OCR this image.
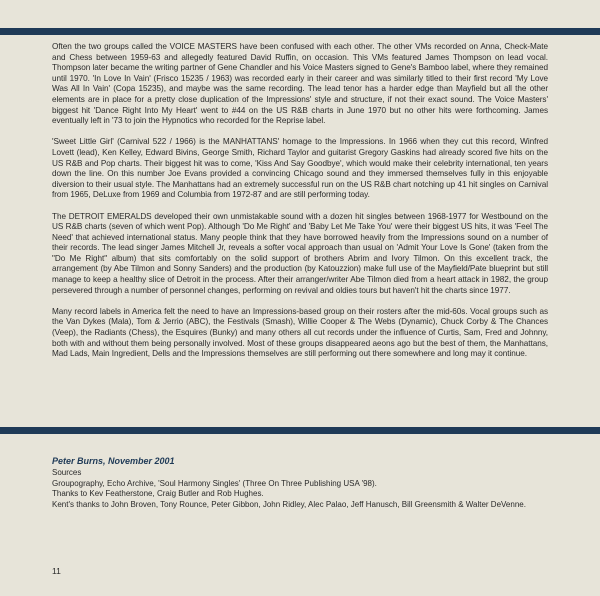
Often the two groups called the VOICE MASTERS have been confused with each other. The other VMs recorded on Anna, Check-Mate and Chess between 1959-63 and allegedly featured David Ruffin, on occasion. This VMs featured James Thompson on lead vocal. Thompson later became the writing partner of Gene Chandler and his Voice Masters signed to Gene's Bamboo label, where they remained until 1970. 'In Love In Vain' (Frisco 15235 / 1963) was recorded early in their career and was similarly titled to their first record 'My Love Was All In Vain' (Copa 15235), and maybe was the same recording. The lead tenor has a harder edge than Mayfield but all the other elements are in place for a pretty close duplication of the Impressions' style and structure, if not their exact sound. The Voice Masters' biggest hit 'Dance Right Into My Heart' went to #44 on the US R&B charts in June 1970 but no other hits were forthcoming. James eventually left in '73 to join the Hypnotics who recorded for the Reprise label.

'Sweet Little Girl' (Carnival 522 / 1966) is the MANHATTANS' homage to the Impressions. In 1966 when they cut this record, Winfred Lovett (lead), Ken Kelley, Edward Bivins, George Smith, Richard Taylor and guitarist Gregory Gaskins had already scored five hits on the US R&B and Pop charts. Their biggest hit was to come, 'Kiss And Say Goodbye', which would make their celebrity international, ten years down the line. On this number Joe Evans provided a convincing Chicago sound and they immersed themselves fully in this enjoyable diversion to their usual style. The Manhattans had an extremely successful run on the US R&B chart notching up 41 hit singles on Carnival from 1965, DeLuxe from 1969 and Columbia from 1972-87 and are still performing today.

The DETROIT EMERALDS developed their own unmistakable sound with a dozen hit singles between 1968-1977 for Westbound on the US R&B charts (seven of which went Pop). Although 'Do Me Right' and 'Baby Let Me Take You' were their biggest US hits, it was 'Feel The Need' that achieved international status. Many people think that they have borrowed heavily from the Impressions sound on a number of their records. The lead singer James Mitchell Jr, reveals a softer vocal approach than usual on 'Admit Your Love Is Gone' (taken from the "Do Me Right" album) that sits comfortably on the solid support of brothers Abrim and Ivory Tilmon. On this excellent track, the arrangement (by Abe Tilmon and Sonny Sanders) and the production (by Katouzzion) make full use of the Mayfield/Pate blueprint but still manage to keep a healthy slice of Detroit in the process. After their arranger/writer Abe Tilmon died from a heart attack in 1982, the group persevered through a number of personnel changes, performing on revival and oldies tours but haven't hit the charts since 1977.

Many record labels in America felt the need to have an Impressions-based group on their rosters after the mid-60s. Vocal groups such as the Van Dykes (Mala), Tom & Jerrio (ABC), the Festivals (Smash), Willie Cooper & The Webs (Dynamic), Chuck Corby & The Chances (Veep), the Radiants (Chess), the Esquires (Bunky) and many others all cut records under the influence of Curtis, Sam, Fred and Johnny, both with and without them being personally involved. Most of these groups disappeared aeons ago but the best of them, the Manhattans, Mad Lads, Main Ingredient, Dells and the Impressions themselves are still performing out there somewhere and long may it continue.

Peter Burns, November 2001
Sources
Groupography, Echo Archive, 'Soul Harmony Singles' (Three On Three Publishing USA '98).
Thanks to Kev Featherstone, Craig Butler and Rob Hughes.
Kent's thanks to John Broven, Tony Rounce, Peter Gibbon, John Ridley, Alec Palao, Jeff Hanusch, Bill Greensmith & Walter DeVenne.
11
